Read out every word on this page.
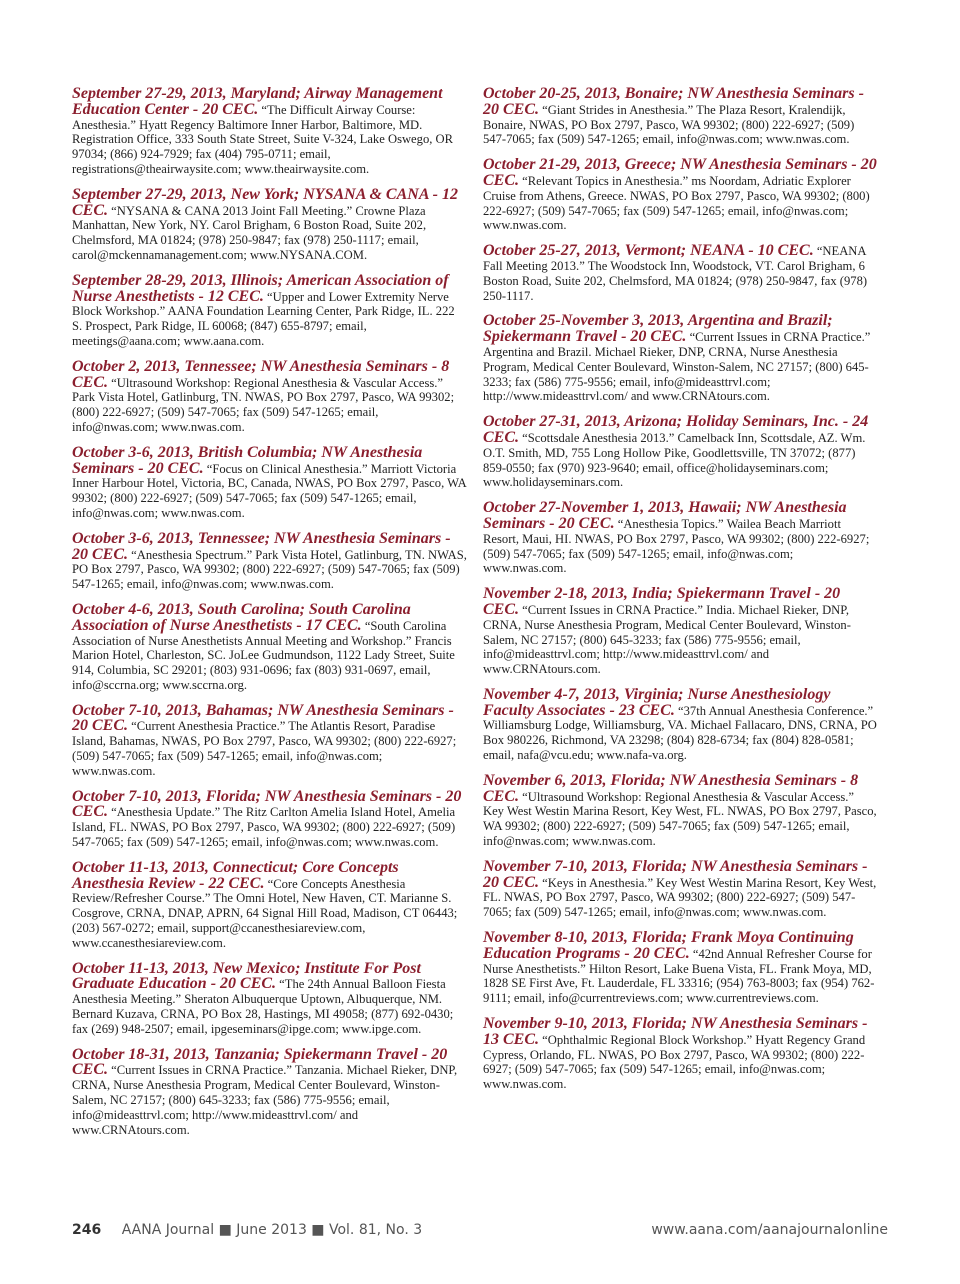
September 27-29, 2013, Maryland; Airway Management Education Center - 20 CEC. “The Difficult Airway Course: Anesthesia.” Hyatt Regency Baltimore Inner Harbor, Baltimore, MD. Registration Office, 333 South State Street, Suite V-324, Lake Oswego, OR 97034; (866) 924-7929; fax (404) 795-0711; email, registrations@theairwaysite.com; www.theairwaysite.com.

September 27-29, 2013, New York; NYSANA & CANA - 12 CEC. “NYSANA & CANA 2013 Joint Fall Meeting.” Crowne Plaza Manhattan, New York, NY. Carol Brigham, 6 Boston Road, Suite 202, Chelmsford, MA 01824; (978) 250-9847; fax (978) 250-1117; email, carol@mckennamanagement.com; www.NYSANA.COM.

September 28-29, 2013, Illinois; American Association of Nurse Anesthetists - 12 CEC. “Upper and Lower Extremity Nerve Block Workshop.” AANA Foundation Learning Center, Park Ridge, IL. 222 S. Prospect, Park Ridge, IL 60068; (847) 655-8797; email, meetings@aana.com; www.aana.com.

October 2, 2013, Tennessee; NW Anesthesia Seminars - 8 CEC. “Ultrasound Workshop: Regional Anesthesia & Vascular Access.” Park Vista Hotel, Gatlinburg, TN. NWAS, PO Box 2797, Pasco, WA 99302; (800) 222-6927; (509) 547-7065; fax (509) 547-1265; email, info@nwas.com; www.nwas.com.

October 3-6, 2013, British Columbia; NW Anesthesia Seminars - 20 CEC. “Focus on Clinical Anesthesia.” Marriott Victoria Inner Harbour Hotel, Victoria, BC, Canada, NWAS, PO Box 2797, Pasco, WA 99302; (800) 222-6927; (509) 547-7065; fax (509) 547-1265; email, info@nwas.com; www.nwas.com.

October 3-6, 2013, Tennessee; NW Anesthesia Seminars - 20 CEC. “Anesthesia Spectrum.” Park Vista Hotel, Gatlinburg, TN. NWAS, PO Box 2797, Pasco, WA 99302; (800) 222-6927; (509) 547-7065; fax (509) 547-1265; email, info@nwas.com; www.nwas.com.

October 4-6, 2013, South Carolina; South Carolina Association of Nurse Anesthetists - 17 CEC. “South Carolina Association of Nurse Anesthetists Annual Meeting and Workshop.” Francis Marion Hotel, Charleston, SC. JoLee Gudmundson, 1122 Lady Street, Suite 914, Columbia, SC 29201; (803) 931-0696; fax (803) 931-0697, email, info@sccrna.org; www.sccrna.org.

October 7-10, 2013, Bahamas; NW Anesthesia Seminars - 20 CEC. “Current Anesthesia Practice.” The Atlantis Resort, Paradise Island, Bahamas, NWAS, PO Box 2797, Pasco, WA 99302; (800) 222-6927; (509) 547-7065; fax (509) 547-1265; email, info@nwas.com; www.nwas.com.

October 7-10, 2013, Florida; NW Anesthesia Seminars - 20 CEC. “Anesthesia Update.” The Ritz Carlton Amelia Island Hotel, Amelia Island, FL. NWAS, PO Box 2797, Pasco, WA 99302; (800) 222-6927; (509) 547-7065; fax (509) 547-1265; email, info@nwas.com; www.nwas.com.

October 11-13, 2013, Connecticut; Core Concepts Anesthesia Review - 22 CEC. “Core Concepts Anesthesia Review/Refresher Course.” The Omni Hotel, New Haven, CT. Marianne S. Cosgrove, CRNA, DNAP, APRN, 64 Signal Hill Road, Madison, CT 06443; (203) 567-0272; email, support@ccanesthesiareview.com, www.ccanesthesiareview.com.

October 11-13, 2013, New Mexico; Institute For Post Graduate Education - 20 CEC. “The 24th Annual Balloon Fiesta Anesthesia Meeting.” Sheraton Albuquerque Uptown, Albuquerque, NM. Bernard Kuzava, CRNA, PO Box 28, Hastings, MI 49058; (877) 692-0430; fax (269) 948-2507; email, ipgeseminars@ipge.com; www.ipge.com.

October 18-31, 2013, Tanzania; Spiekermann Travel - 20 CEC. “Current Issues in CRNA Practice.” Tanzania. Michael Rieker, DNP, CRNA, Nurse Anesthesia Program, Medical Center Boulevard, Winston-Salem, NC 27157; (800) 645-3233; fax (586) 775-9556; email, info@mideasttrvl.com; http://www.mideasttrvl.com/ and www.CRNAtours.com.

October 20-25, 2013, Bonaire; NW Anesthesia Seminars - 20 CEC. “Giant Strides in Anesthesia.” The Plaza Resort, Kralendijk, Bonaire, NWAS, PO Box 2797, Pasco, WA 99302; (800) 222-6927; (509) 547-7065; fax (509) 547-1265; email, info@nwas.com; www.nwas.com.

October 21-29, 2013, Greece; NW Anesthesia Seminars - 20 CEC. “Relevant Topics in Anesthesia.” ms Noordam, Adriatic Explorer Cruise from Athens, Greece. NWAS, PO Box 2797, Pasco, WA 99302; (800) 222-6927; (509) 547-7065; fax (509) 547-1265; email, info@nwas.com; www.nwas.com.

October 25-27, 2013, Vermont; NEANA - 10 CEC. “NEANA Fall Meeting 2013.” The Woodstock Inn, Woodstock, VT. Carol Brigham, 6 Boston Road, Suite 202, Chelmsford, MA 01824; (978) 250-9847, fax (978) 250-1117.

October 25-November 3, 2013, Argentina and Brazil; Spiekermann Travel - 20 CEC. “Current Issues in CRNA Practice.” Argentina and Brazil. Michael Rieker, DNP, CRNA, Nurse Anesthesia Program, Medical Center Boulevard, Winston-Salem, NC 27157; (800) 645-3233; fax (586) 775-9556; email, info@mideasttrvl.com; http://www.mideasttrvl.com/ and www.CRNAtours.com.

October 27-31, 2013, Arizona; Holiday Seminars, Inc. - 24 CEC. “Scottsdale Anesthesia 2013.” Camelback Inn, Scottsdale, AZ. Wm. O.T. Smith, MD, 755 Long Hollow Pike, Goodlettsville, TN 37072; (877) 859-0550; fax (970) 923-9640; email, office@holidayseminars.com; www.holidayseminars.com.

October 27-November 1, 2013, Hawaii; NW Anesthesia Seminars - 20 CEC. “Anesthesia Topics.” Wailea Beach Marriott Resort, Maui, HI. NWAS, PO Box 2797, Pasco, WA 99302; (800) 222-6927; (509) 547-7065; fax (509) 547-1265; email, info@nwas.com; www.nwas.com.

November 2-18, 2013, India; Spiekermann Travel - 20 CEC. “Current Issues in CRNA Practice.” India. Michael Rieker, DNP, CRNA, Nurse Anesthesia Program, Medical Center Boulevard, Winston-Salem, NC 27157; (800) 645-3233; fax (586) 775-9556; email, info@mideasttrvl.com; http://www.mideasttrvl.com/ and www.CRNAtours.com.

November 4-7, 2013, Virginia; Nurse Anesthesiology Faculty Associates - 23 CEC. “37th Annual Anesthesia Conference.” Williamsburg Lodge, Williamsburg, VA. Michael Fallacaro, DNS, CRNA, PO Box 980226, Richmond, VA 23298; (804) 828-6734; fax (804) 828-0581; email, nafa@vcu.edu; www.nafa-va.org.

November 6, 2013, Florida; NW Anesthesia Seminars - 8 CEC. “Ultrasound Workshop: Regional Anesthesia & Vascular Access.” Key West Westin Marina Resort, Key West, FL. NWAS, PO Box 2797, Pasco, WA 99302; (800) 222-6927; (509) 547-7065; fax (509) 547-1265; email, info@nwas.com; www.nwas.com.

November 7-10, 2013, Florida; NW Anesthesia Seminars - 20 CEC. “Keys in Anesthesia.” Key West Westin Marina Resort, Key West, FL. NWAS, PO Box 2797, Pasco, WA 99302; (800) 222-6927; (509) 547-7065; fax (509) 547-1265; email, info@nwas.com; www.nwas.com.

November 8-10, 2013, Florida; Frank Moya Continuing Education Programs - 20 CEC. “42nd Annual Refresher Course for Nurse Anesthetists.” Hilton Resort, Lake Buena Vista, FL. Frank Moya, MD, 1828 SE First Ave, Ft. Lauderdale, FL 33316; (954) 763-8003; fax (954) 762-9111; email, info@currentreviews.com; www.currentreviews.com.

November 9-10, 2013, Florida; NW Anesthesia Seminars - 13 CEC. “Ophthalmic Regional Block Workshop.” Hyatt Regency Grand Cypress, Orlando, FL. NWAS, PO Box 2797, Pasco, WA 99302; (800) 222-6927; (509) 547-7065; fax (509) 547-1265; email, info@nwas.com; www.nwas.com.

246 AANA Journal ■ June 2013 ■ Vol. 81, No. 3	www.aana.com/aanajournalonline
